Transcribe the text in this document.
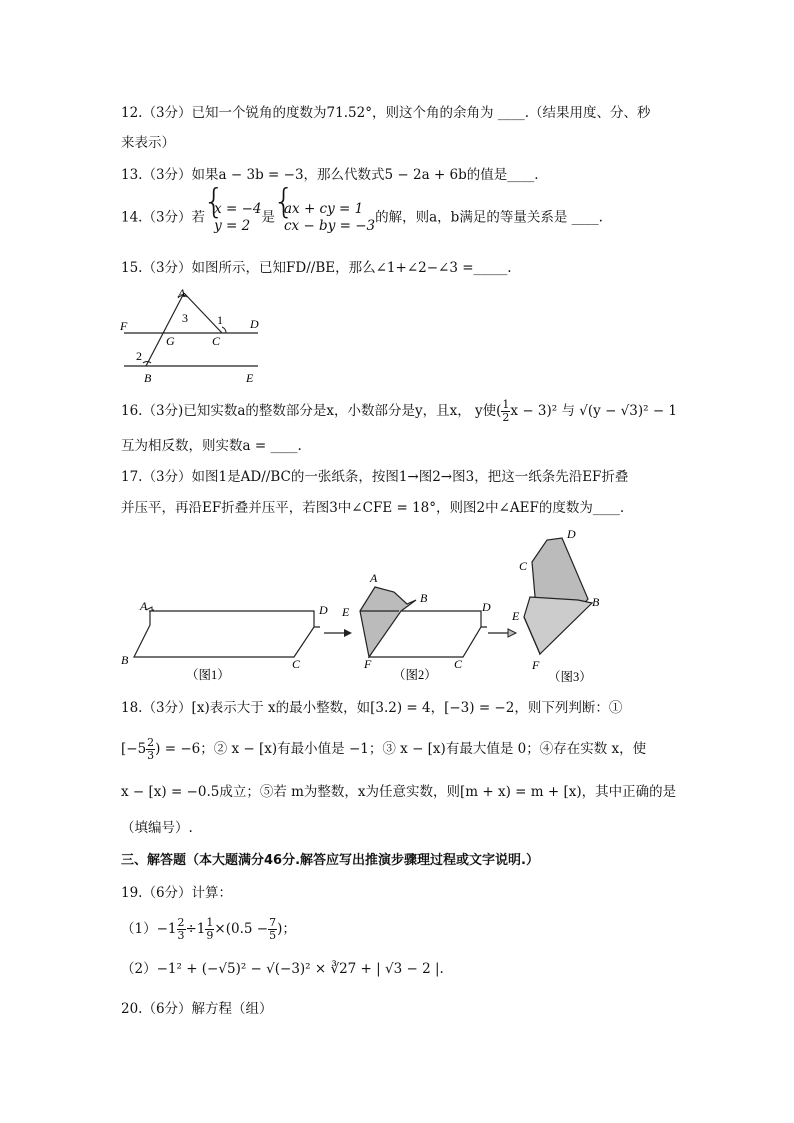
12.（3分）已知一个锐角的度数为71.52°，则这个角的余角为 ____.（结果用度、分、秒
来表示）
13.（3分）如果a − 3b = −3，那么代数式5 − 2a + 6b的值是____.
14.（3分）若
{ x = −4
y = 2
是
{ ax + cy = 1
cx − by = −3
的解，则a，b满足的等量关系是 ____.
15.（3分）如图所示，已知FD//BE，那么∠1+∠2−∠3 =_____.
A
3 1
F	D
G	C
2
B	E
16.（3分)已知实数a的整数部分是x，小数部分是y，且x， y使( $\frac{1}{2}$ x − 3)² 与 √(y − √3)² − 1
互为相反数，则实数a = ____.
17.（3分）如图1是AD//BC的一张纸条，按图1→图2→图3，把这一纸条先沿EF折叠
并压平，再沿EF折叠并压平，若图3中∠CFE = 18°，则图2中∠AEF的度数为____.
A	D
B	C
（图1）
A
B
D
E
F	C
（图2）
D
C
B
E
F
（图3）
18.（3分）[x)表示大于 x的最小整数，如[3.2) = 4，[−3) = −2，则下列判断：①
[$-5 \frac{2}{3}$ ) = −6；② x − [x)有最小值是 −1；③ x − [x)有最大值是 0；④存在实数 x，使
x − [x) = −0.5成立；⑤若 m为整数，x为任意实数，则[m + x) = m + [x)，其中正确的是
（填编号）.
三、解答题（本大题满分46分.解答应写出推演步骤理过程或文字说明.）
19.（6分）计算：
$(1)-1 \frac{2}{3} \div 1 \frac{1}{9} \times(0.5 - \frac{7}{5}$ )；
（2）−1² + (−√5)² − √(−3)² × ∛27 + | √3 − 2 |.
20.（6分）解方程（组）
